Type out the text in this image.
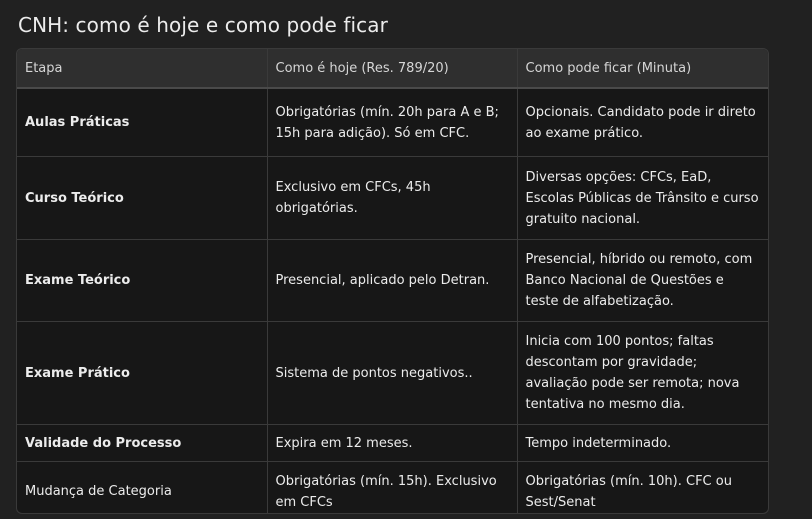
CNH: como é hoje e como pode ficar
Etapa	Como é hoje (Res. 789/20)	Como pode ficar (Minuta)
Aulas Práticas	Obrigatórias (mín. 20h para A e B; 15h para adição). Só em CFC.	Opcionais. Candidato pode ir direto ao exame prático.
Curso Teórico	Exclusivo em CFCs, 45h obrigatórias.	Diversas opções: CFCs, EaD, Escolas Públicas de Trânsito e curso gratuito nacional.
Exame Teórico	Presencial, aplicado pelo Detran.	Presencial, híbrido ou remoto, com Banco Nacional de Questões e teste de alfabetização.
Exame Prático	Sistema de pontos negativos..	Inicia com 100 pontos; faltas descontam por gravidade; avaliação pode ser remota; nova tentativa no mesmo dia.
Validade do Processo	Expira em 12 meses.	Tempo indeterminado.
Mudança de Categoria	Obrigatórias (mín. 15h). Exclusivo em CFCs	Obrigatórias (mín. 10h). CFC ou Sest/Senat
